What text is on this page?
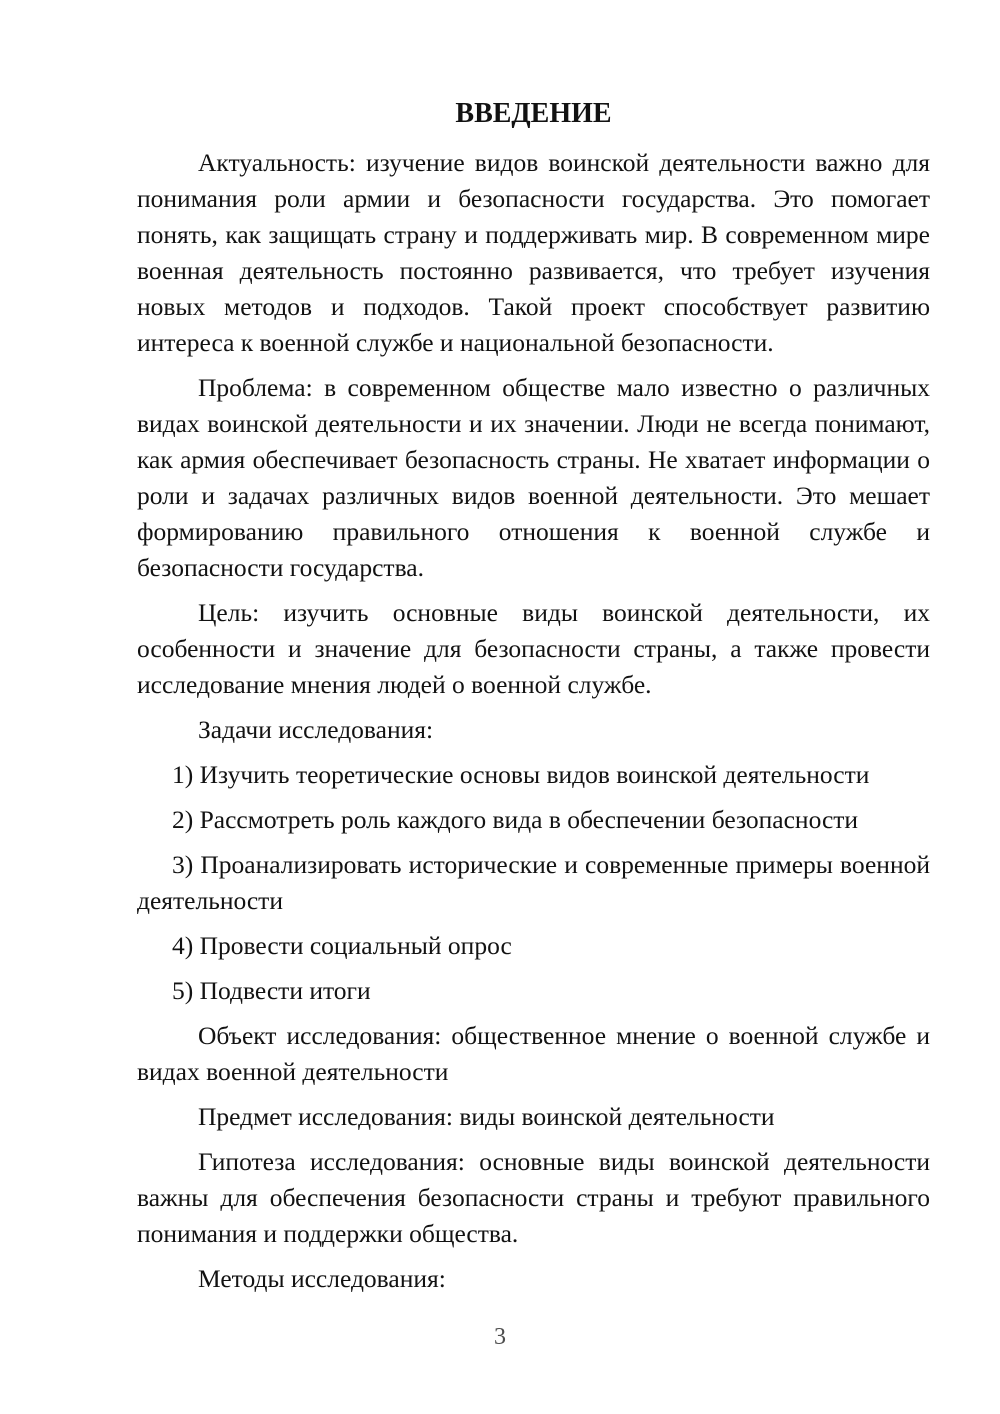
ВВЕДЕНИЕ
Актуальность: изучение видов воинской деятельности важно для
понимания роли армии и безопасности государства. Это помогает
понять, как защищать страну и поддерживать мир. В современном мире
военная деятельность постоянно развивается, что требует изучения
новых методов и подходов. Такой проект способствует развитию
интереса к военной службе и национальной безопасности.
Проблема: в современном обществе мало известно о различных
видах воинской деятельности и их значении. Люди не всегда понимают,
как армия обеспечивает безопасность страны. Не хватает информации о
роли и задачах различных видов военной деятельности. Это мешает
формированию правильного отношения к военной службе и
безопасности государства.
Цель: изучить основные виды воинской деятельности, их
особенности и значение для безопасности страны, а также провести
исследование мнения людей о военной службе.
Задачи исследования:
1) Изучить теоретические основы видов воинской деятельности
2) Рассмотреть роль каждого вида в обеспечении безопасности
3) Проанализировать исторические и современные примеры военной
деятельности
4) Провести социальный опрос
5) Подвести итоги
Объект исследования: общественное мнение о военной службе и
видах военной деятельности
Предмет исследования: виды воинской деятельности
Гипотеза исследования: основные виды воинской деятельности
важны для обеспечения безопасности страны и требуют правильного
понимания и поддержки общества.
Методы исследования:
3
